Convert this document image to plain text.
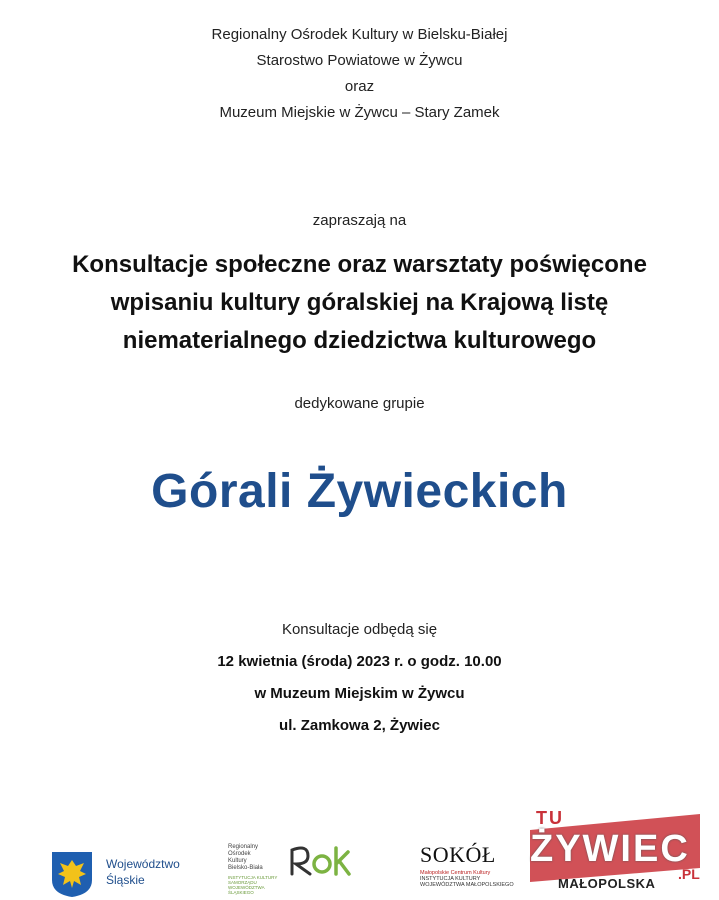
Regionalny Ośrodek Kultury w Bielsku-Białej
Starostwo Powiatowe w Żywcu
oraz
Muzeum Miejskie w Żywcu – Stary Zamek
zapraszają na
Konsultacje społeczne oraz warsztaty poświęcone
wpisaniu kultury góralskiej na Krajową listę
niematerialnego dziedzictwa kulturowego
dedykowane grupie
Górali Żywieckich
Konsultacje odbędą się
12 kwietnia (środa) 2023 r. o godz. 10.00
w Muzeum Miejskim w Żywcu
ul. Zamkowa 2, Żywiec
Województwo
Śląskie
Regionalny
Ośrodek
Kultury
Bielsko-Biała
INSTYTUCJA KULTURY
SAMORZĄDU
WOJEWÓDZTWA ŚLĄSKIEGO
SOKÓŁ
Małopolskie Centrum Kultury
INSTYTUCJA KULTURY
WOJEWÓDZTWA MAŁOPOLSKIEGO
TU
ŻYWIEC
.PL
MAŁOPOLSKA
